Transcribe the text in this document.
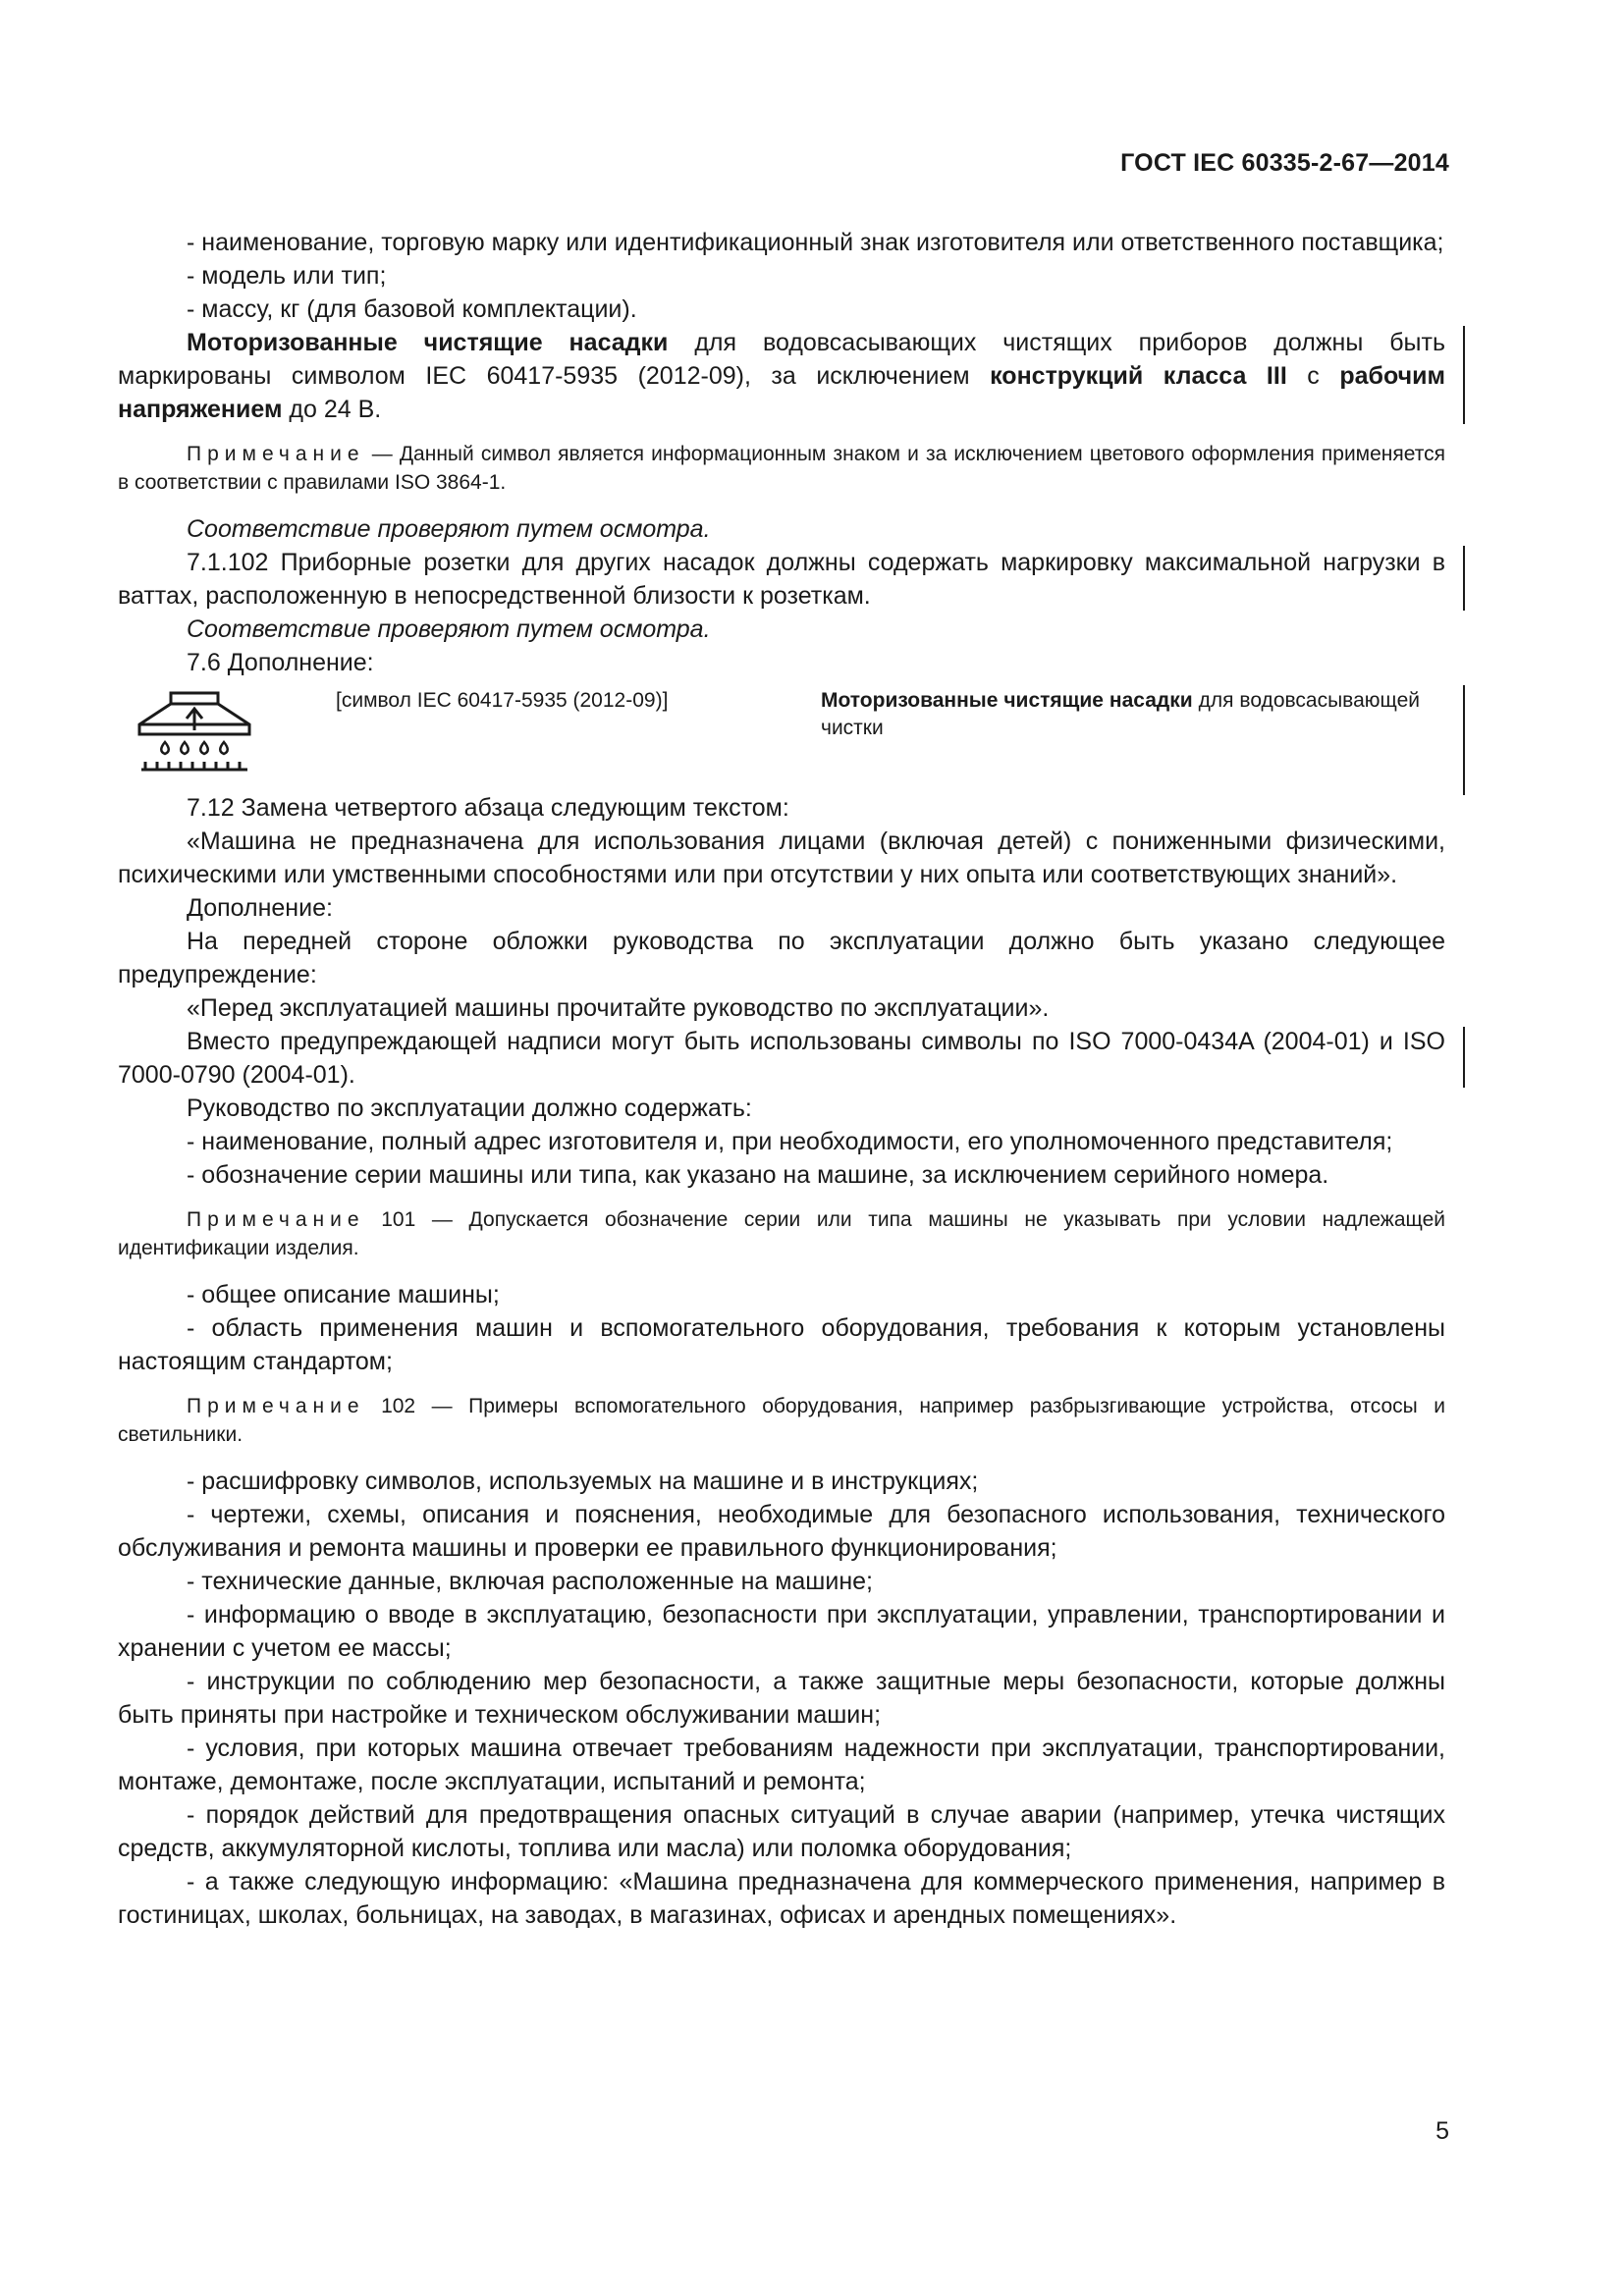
ГОСТ IEC 60335-2-67—2014

- наименование, торговую марку или идентификационный знак изготовителя или ответственного поставщика;

- модель или тип;

- массу, кг (для базовой комплектации).

Моторизованные чистящие насадки для водовсасывающих чистящих приборов должны быть маркированы символом IEC 60417-5935 (2012-09), за исключением конструкций класса III с рабочим напряжением до 24 В.

Примечание — Данный символ является информационным знаком и за исключением цветового оформления применяется в соответствии с правилами ISO 3864-1.

Соответствие проверяют путем осмотра.

7.1.102 Приборные розетки для других насадок должны содержать маркировку максимальной нагрузки в ваттах, расположенную в непосредственной близости к розеткам.

Соответствие проверяют путем осмотра.

7.6 Дополнение:

[символ IEC 60417-5935 (2012-09)]	Моторизованные чистящие насадки для водовсасывающей чистки

7.12 Замена четвертого абзаца следующим текстом:

«Машина не предназначена для использования лицами (включая детей) с пониженными физическими, психическими или умственными способностями или при отсутствии у них опыта или соответствующих знаний».

Дополнение:

На передней стороне обложки руководства по эксплуатации должно быть указано следующее предупреждение:

«Перед эксплуатацией машины прочитайте руководство по эксплуатации».

Вместо предупреждающей надписи могут быть использованы символы по ISO 7000-0434A (2004-01) и ISO 7000-0790 (2004-01).

Руководство по эксплуатации должно содержать:

- наименование, полный адрес изготовителя и, при необходимости, его уполномоченного представителя;

- обозначение серии машины или типа, как указано на машине, за исключением серийного номера.

Примечание 101 — Допускается обозначение серии или типа машины не указывать при условии надлежащей идентификации изделия.

- общее описание машины;

- область применения машин и вспомогательного оборудования, требования к которым установлены настоящим стандартом;

Примечание 102 — Примеры вспомогательного оборудования, например разбрызгивающие устройства, отсосы и светильники.

- расшифровку символов, используемых на машине и в инструкциях;

- чертежи, схемы, описания и пояснения, необходимые для безопасного использования, технического обслуживания и ремонта машины и проверки ее правильного функционирования;

- технические данные, включая расположенные на машине;

- информацию о вводе в эксплуатацию, безопасности при эксплуатации, управлении, транспортировании и хранении с учетом ее массы;

- инструкции по соблюдению мер безопасности, а также защитные меры безопасности, которые должны быть приняты при настройке и техническом обслуживании машин;

- условия, при которых машина отвечает требованиям надежности при эксплуатации, транспортировании, монтаже, демонтаже, после эксплуатации, испытаний и ремонта;

- порядок действий для предотвращения опасных ситуаций в случае аварии (например, утечка чистящих средств, аккумуляторной кислоты, топлива или масла) или поломка оборудования;

- а также следующую информацию: «Машина предназначена для коммерческого применения, например в гостиницах, школах, больницах, на заводах, в магазинах, офисах и арендных помещениях».

5
